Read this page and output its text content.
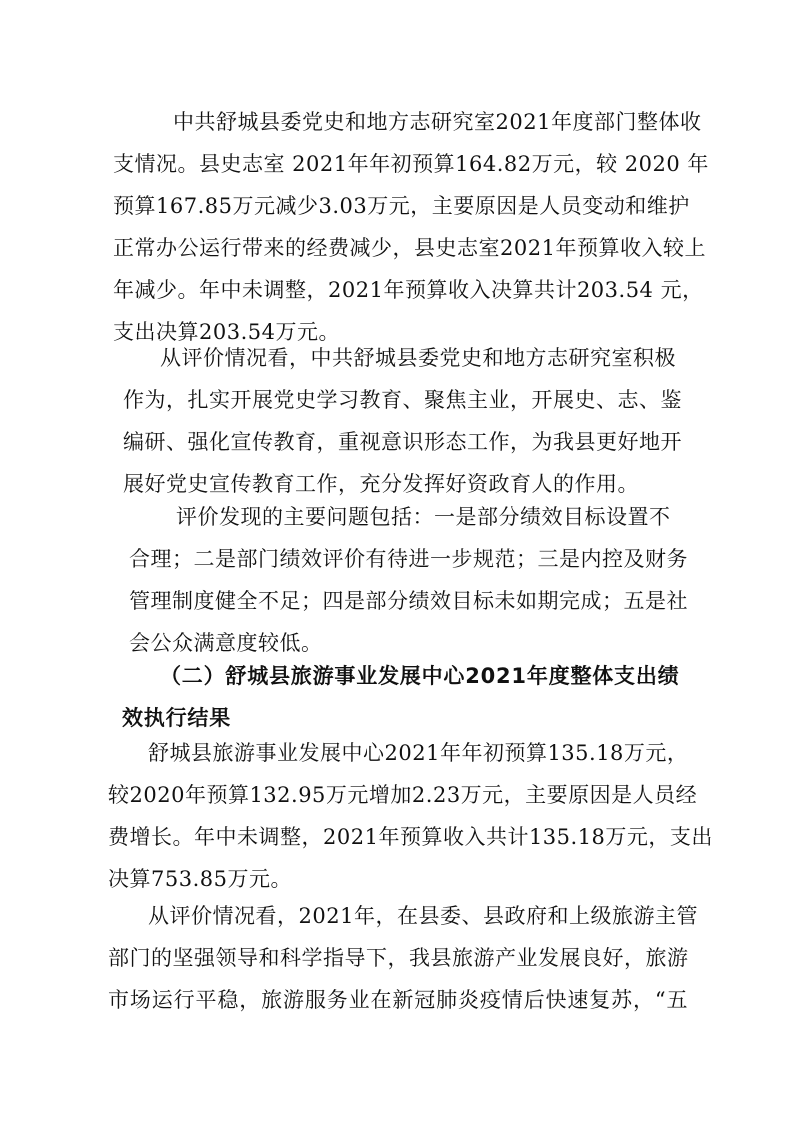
中共舒城县委党史和地方志研究室2021年度部门整体收
支情况。县史志室 2021年年初预算164.82万元，较 2020 年
预算167.85万元减少3.03万元，主要原因是人员变动和维护
正常办公运行带来的经费减少，县史志室2021年预算收入较上
年减少。年中未调整，2021年预算收入决算共计203.54 元，
支出决算203.54万元。
从评价情况看，中共舒城县委党史和地方志研究室积极
作为，扎实开展党史学习教育、聚焦主业，开展史、志、鉴
编研、强化宣传教育，重视意识形态工作，为我县更好地开
展好党史宣传教育工作，充分发挥好资政育人的作用。
评价发现的主要问题包括：一是部分绩效目标设置不
合理；二是部门绩效评价有待进一步规范；三是内控及财务
管理制度健全不足；四是部分绩效目标未如期完成；五是社
会公众满意度较低。
（二）舒城县旅游事业发展中心2021年度整体支出绩
效执行结果
舒城县旅游事业发展中心2021年年初预算135.18万元，
较2020年预算132.95万元增加2.23万元，主要原因是人员经
费增长。年中未调整，2021年预算收入共计135.18万元，支出
决算753.85万元。
从评价情况看，2021年，在县委、县政府和上级旅游主管
部门的坚强领导和科学指导下，我县旅游产业发展良好，旅游
市场运行平稳，旅游服务业在新冠肺炎疫情后快速复苏，“五
